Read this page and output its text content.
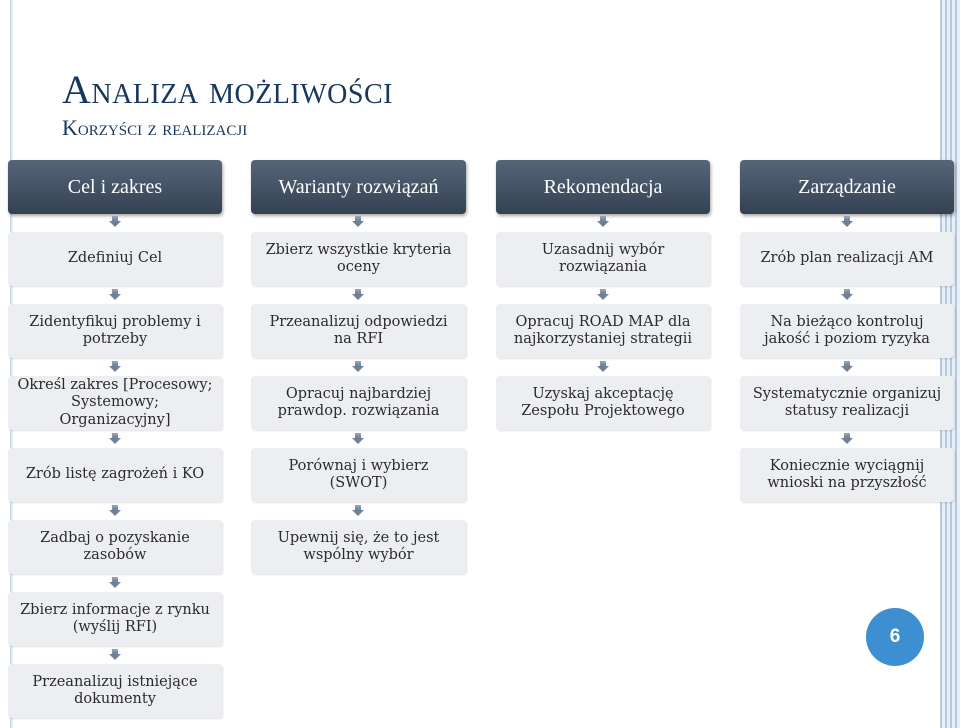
Analiza możliwości
Korzyści z realizacji
Cel i zakres
Zdefiniuj Cel
Zidentyfikuj problemy i potrzeby
Określ zakres [Procesowy; Systemowy; Organizacyjny]
Zrób listę zagrożeń i KO
Zadbaj o pozyskanie zasobów
Zbierz informacje z rynku (wyślij RFI)
Przeanalizuj istniejące dokumenty
Warianty rozwiązań
Zbierz wszystkie kryteria oceny
Przeanalizuj odpowiedzi na RFI
Opracuj najbardziej prawdop. rozwiązania
Porównaj i wybierz (SWOT)
Upewnij się, że to jest wspólny wybór
Rekomendacja
Uzasadnij wybór rozwiązania
Opracuj ROAD MAP dla najkorzystaniej strategii
Uzyskaj akceptację Zespołu Projektowego
Zarządzanie
Zrób plan realizacji AM
Na bieżąco kontroluj jakość i poziom ryzyka
Systematycznie organizuj statusy realizacji
Koniecznie wyciągnij wnioski na przyszłość
6
